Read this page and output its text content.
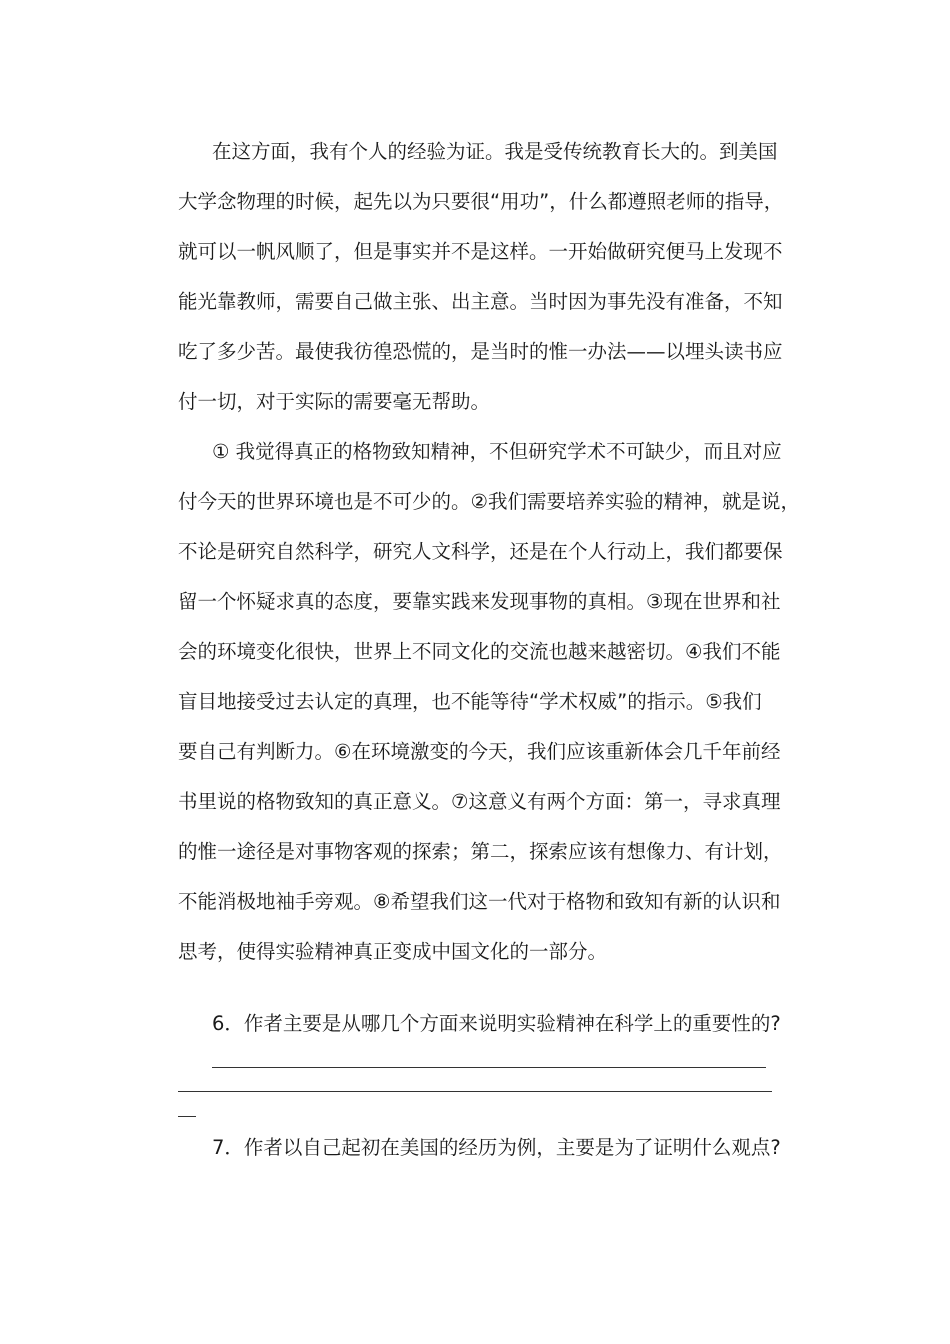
在这方面，我有个人的经验为证。我是受传统教育长大的。到美国
大学念物理的时候，起先以为只要很“用功”，什么都遵照老师的指导，
就可以一帆风顺了，但是事实并不是这样。一开始做研究便马上发现不
能光靠教师，需要自己做主张、出主意。当时因为事先没有准备，不知
吃了多少苦。最使我彷徨恐慌的，是当时的惟一办法——以埋头读书应
付一切，对于实际的需要毫无帮助。
① 我觉得真正的格物致知精神，不但研究学术不可缺少，而且对应
付今天的世界环境也是不可少的。②我们需要培养实验的精神，就是说，
不论是研究自然科学，研究人文科学，还是在个人行动上，我们都要保
留一个怀疑求真的态度，要靠实践来发现事物的真相。③现在世界和社
会的环境变化很快，世界上不同文化的交流也越来越密切。④我们不能
盲目地接受过去认定的真理，也不能等待“学术权威”的指示。⑤我们
要自己有判断力。⑥在环境激变的今天，我们应该重新体会几千年前经
书里说的格物致知的真正意义。⑦这意义有两个方面：第一，寻求真理
的惟一途径是对事物客观的探索；第二，探索应该有想像力、有计划，
不能消极地袖手旁观。⑧希望我们这一代对于格物和致知有新的认识和
思考，使得实验精神真正变成中国文化的一部分。
6．作者主要是从哪几个方面来说明实验精神在科学上的重要性的?
7．作者以自己起初在美国的经历为例，主要是为了证明什么观点?
